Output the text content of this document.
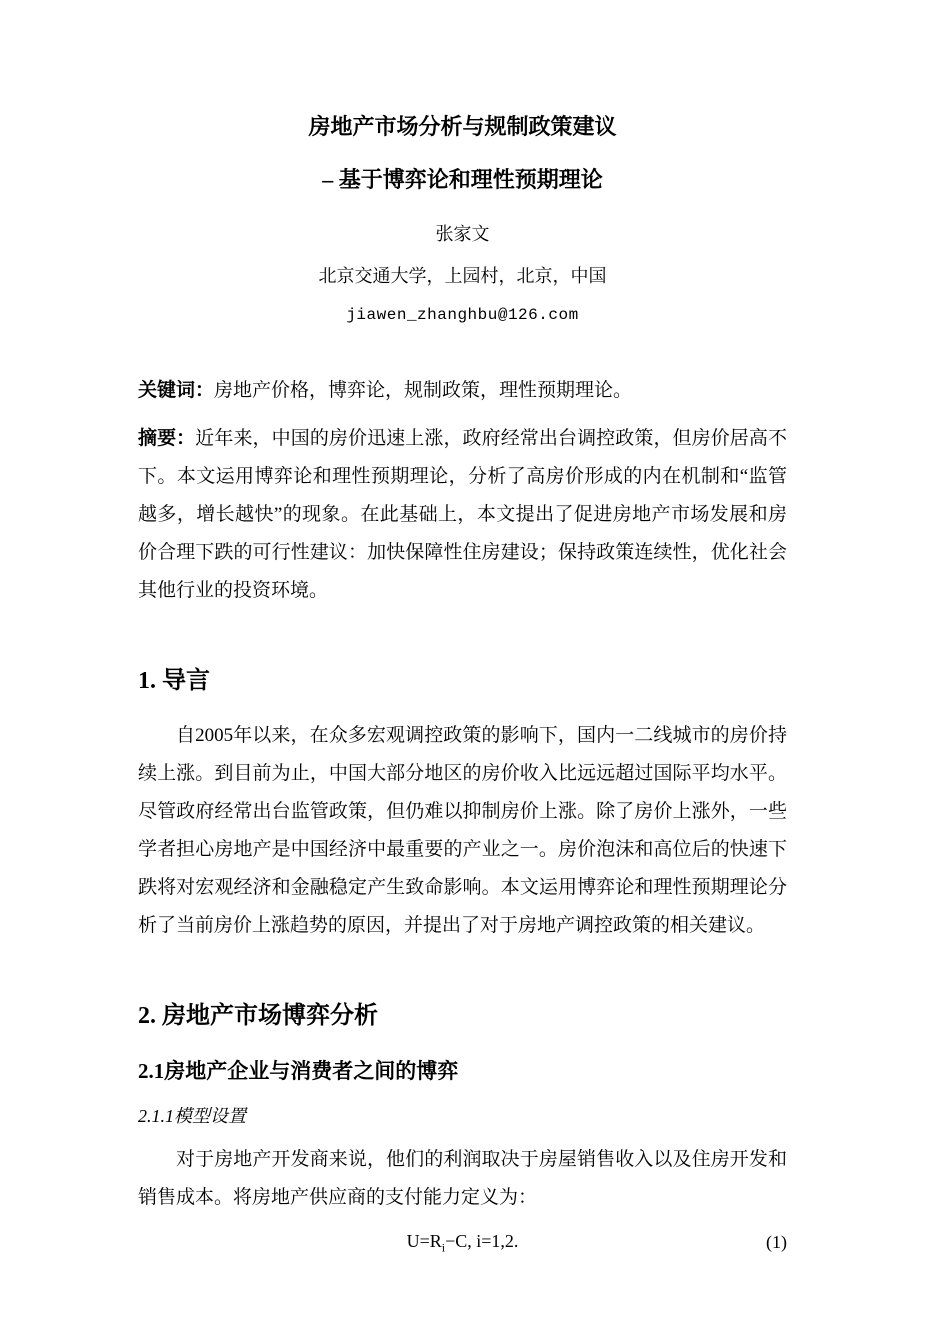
房地产市场分析与规制政策建议
– 基于博弈论和理性预期理论
张家文
北京交通大学，上园村，北京，中国
jiawen_zhanghbu@126.com

关键词：房地产价格，博弈论，规制政策，理性预期理论。

摘要：近年来，中国的房价迅速上涨，政府经常出台调控政策，但房价居高不下。本文运用博弈论和理性预期理论，分析了高房价形成的内在机制和“监管越多，增长越快”的现象。在此基础上，本文提出了促进房地产市场发展和房价合理下跌的可行性建议：加快保障性住房建设；保持政策连续性，优化社会其他行业的投资环境。

1. 导言

自2005年以来，在众多宏观调控政策的影响下，国内一二线城市的房价持续上涨。到目前为止，中国大部分地区的房价收入比远远超过国际平均水平。尽管政府经常出台监管政策，但仍难以抑制房价上涨。除了房价上涨外，一些学者担心房地产是中国经济中最重要的产业之一。房价泡沫和高位后的快速下跌将对宏观经济和金融稳定产生致命影响。本文运用博弈论和理性预期理论分析了当前房价上涨趋势的原因，并提出了对于房地产调控政策的相关建议。

2. 房地产市场博弈分析
2.1房地产企业与消费者之间的博弈
2.1.1模型设置

对于房地产开发商来说，他们的利润取决于房屋销售收入以及住房开发和销售成本。将房地产供应商的支付能力定义为：

$U=R_i-C$, i=1,2.	(1)
